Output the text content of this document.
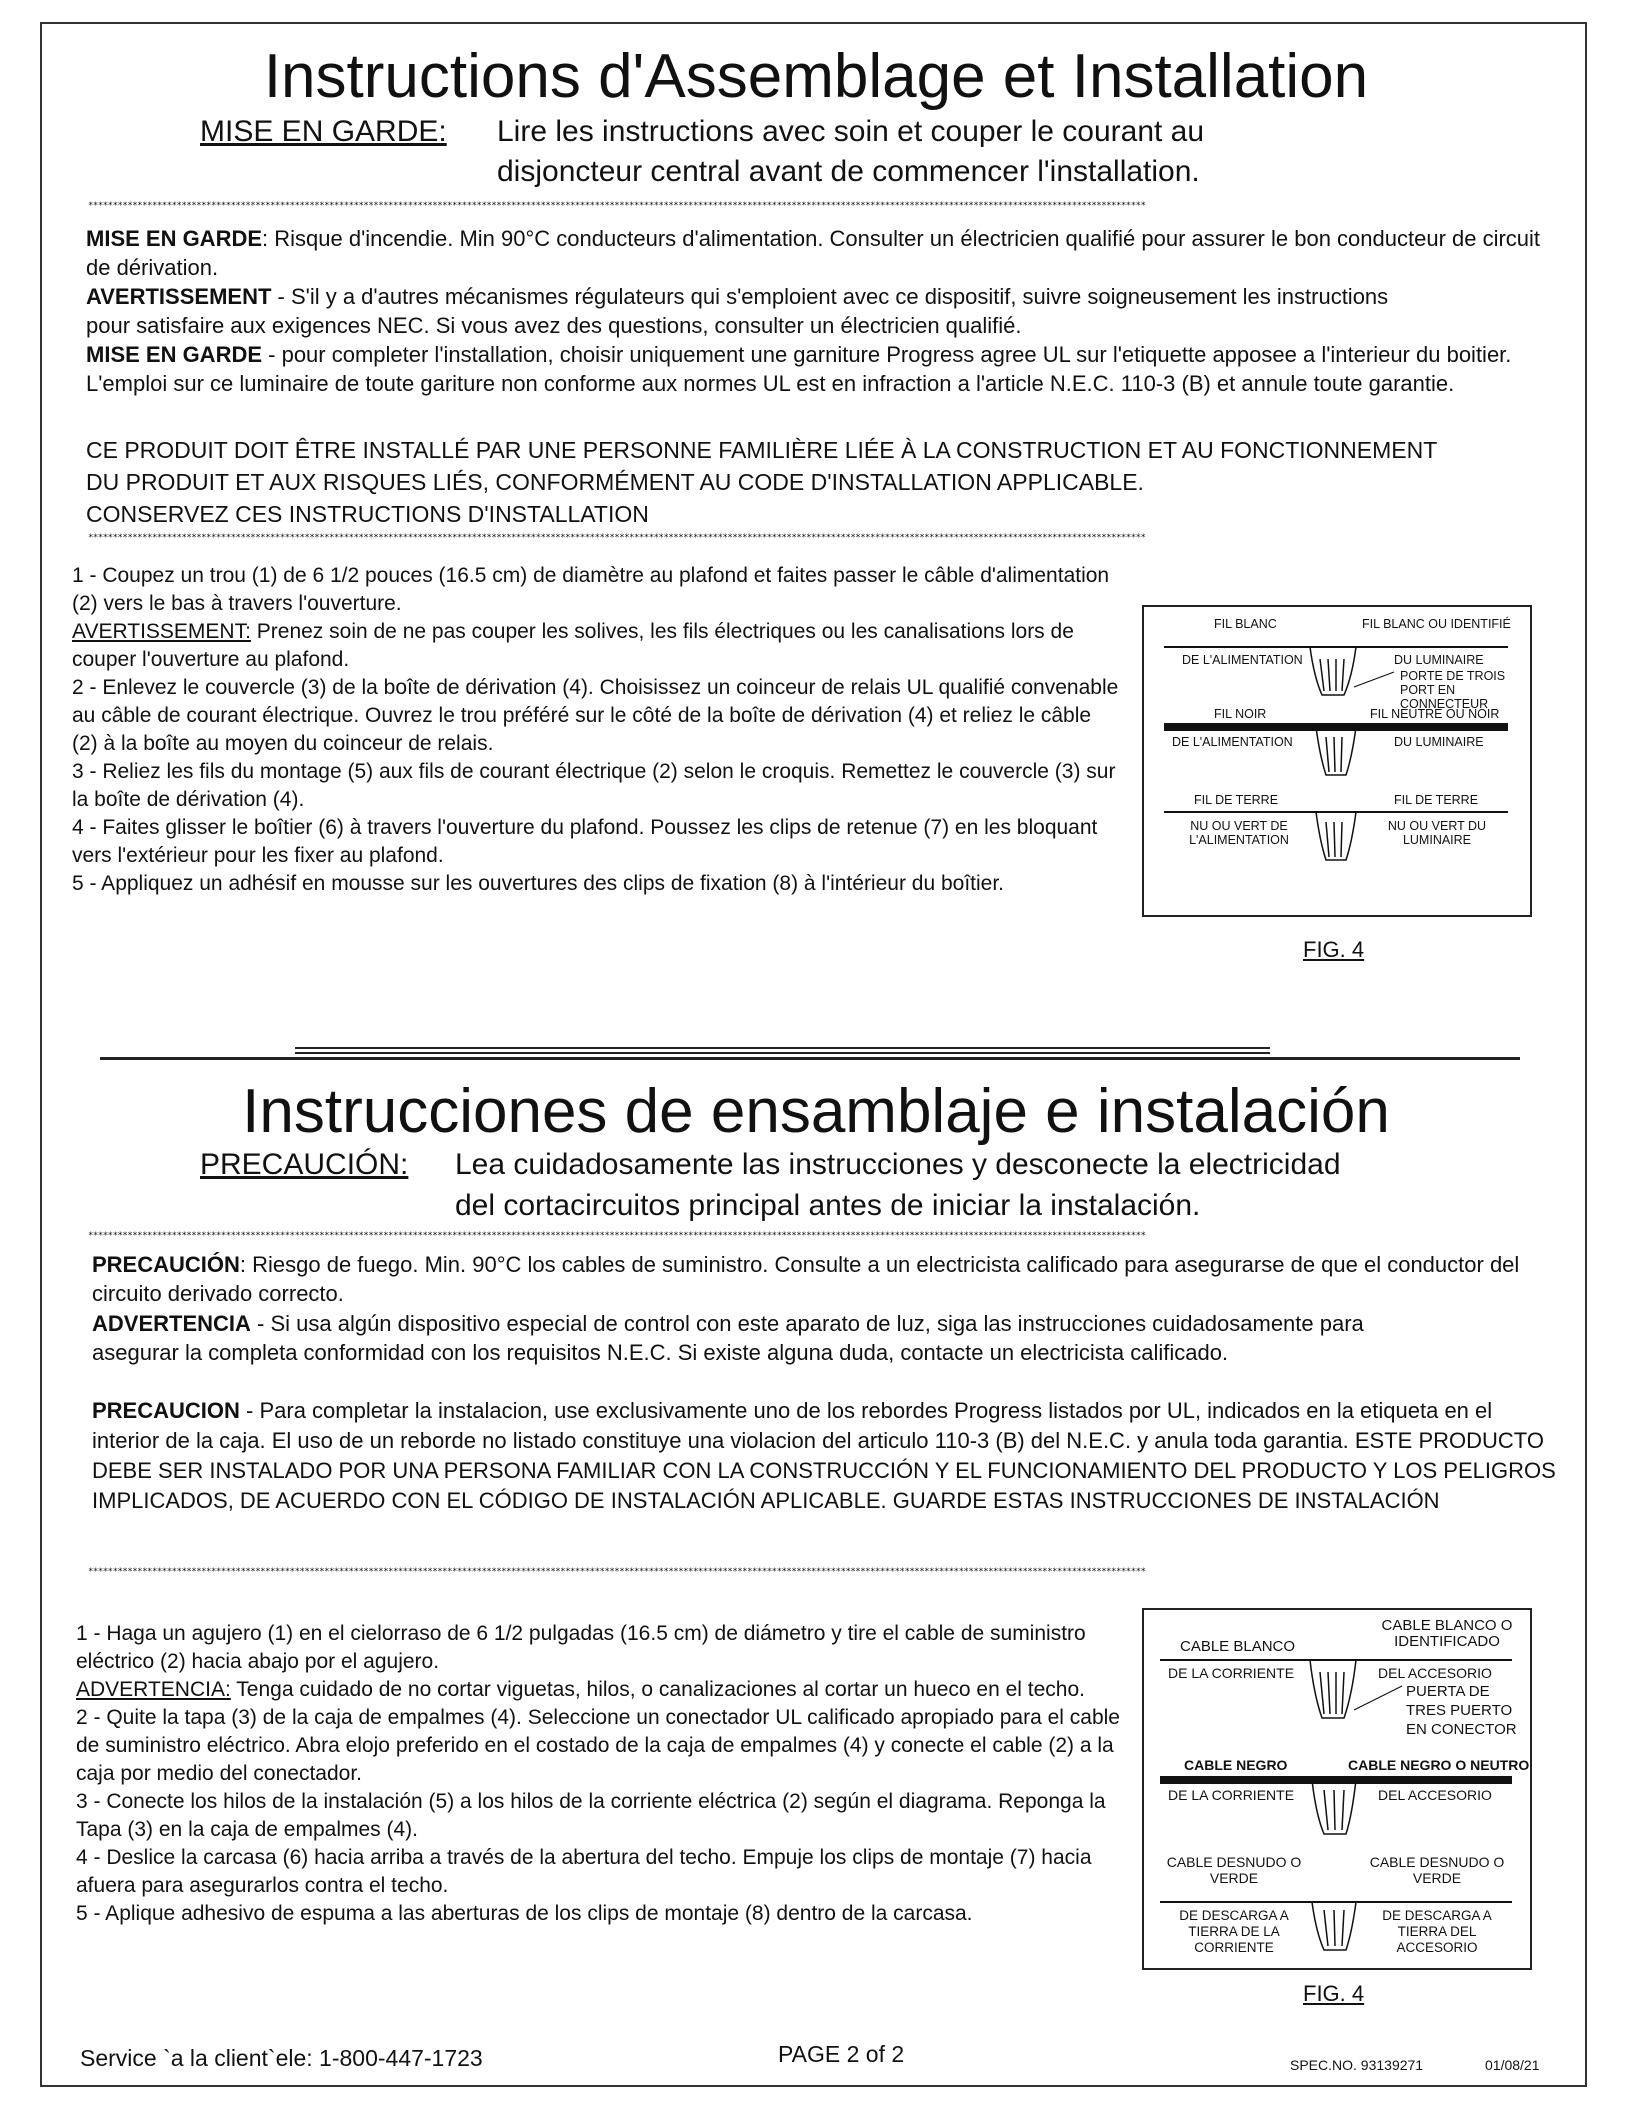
Instructions d'Assemblage et Installation
MISE EN GARDE: Lire les instructions avec soin et couper le courant au
disjoncteur central avant de commencer l'installation.
***********************************************************************************************************************************************************************************************************************
MISE EN GARDE: Risque d'incendie. Min 90°C conducteurs d'alimentation. Consulter un électricien qualifié pour assurer le bon conducteur de circuit de dérivation.
AVERTISSEMENT - S'il y a d'autres mécanismes régulateurs qui s'emploient avec ce dispositif, suivre soigneusement les instructions pour satisfaire aux exigences NEC. Si vous avez des questions, consulter un électricien qualifié.
MISE EN GARDE - pour completer l'installation, choisir uniquement une garniture Progress agree UL sur l'etiquette apposee a l'interieur du boitier. L'emploi sur ce luminaire de toute gariture non conforme aux normes UL est en infraction a l'article N.E.C. 110-3 (B) et annule toute garantie.
CE PRODUIT DOIT ÊTRE INSTALLÉ PAR UNE PERSONNE FAMILIÈRE LIÉE À LA CONSTRUCTION ET AU FONCTIONNEMENT
DU PRODUIT ET AUX RISQUES LIÉS, CONFORMÉMENT AU CODE D'INSTALLATION APPLICABLE.
CONSERVEZ CES INSTRUCTIONS D'INSTALLATION
***********************************************************************************************************************************************************************************************************************
1 - Coupez un trou (1) de 6 1/2 pouces (16.5 cm) de diamètre au plafond et faites passer le câble d'alimentation (2) vers le bas à travers l'ouverture.
AVERTISSEMENT: Prenez soin de ne pas couper les solives, les fils électriques ou les canalisations lors de couper l'ouverture au plafond.
2 - Enlevez le couvercle (3) de la boîte de dérivation (4). Choisissez un coinceur de relais UL qualifié convenable au câble de courant électrique. Ouvrez le trou préféré sur le côté de la boîte de dérivation (4) et reliez le câble (2) à la boîte au moyen du coinceur de relais.
3 - Reliez les fils du montage (5) aux fils de courant électrique (2) selon le croquis. Remettez le couvercle (3) sur la boîte de dérivation (4).
4 - Faites glisser le boîtier (6) à travers l'ouverture du plafond. Poussez les clips de retenue (7) en les bloquant vers l'extérieur pour les fixer au plafond.
5 - Appliquez un adhésif en mousse sur les ouvertures des clips de fixation (8) à l'intérieur du boîtier.
FIL BLANC	FIL BLANC OU IDENTIFIÉ
DE L'ALIMENTATION	DU LUMINAIRE
PORTE DE TROIS PORT EN CONNECTEUR
FIL NOIR	FIL NEUTRE OU NOIR
DE L'ALIMENTATION	DU LUMINAIRE
FIL DE TERRE	FIL DE TERRE
NU OU VERT DE L'ALIMENTATION
NU OU VERT DU LUMINAIRE
FIG. 4
Instrucciones de ensamblaje e instalación
PRECAUCIÓN: Lea cuidadosamente las instrucciones y desconecte la electricidad
del cortacircuitos principal antes de iniciar la instalación.
***********************************************************************************************************************************************************************************************************************
PRECAUCIÓN: Riesgo de fuego. Min. 90°C los cables de suministro. Consulte a un electricista calificado para asegurarse de que el conductor del circuito derivado correcto.
ADVERTENCIA - Si usa algún dispositivo especial de control con este aparato de luz, siga las instrucciones cuidadosamente para asegurar la completa conformidad con los requisitos N.E.C. Si existe alguna duda, contacte un electricista calificado.
PRECAUCION - Para completar la instalacion, use exclusivamente uno de los rebordes Progress listados por UL, indicados en la etiqueta en el interior de la caja. El uso de un reborde no listado constituye una violacion del articulo 110-3 (B) del N.E.C. y anula toda garantia. ESTE PRODUCTO DEBE SER INSTALADO POR UNA PERSONA FAMILIAR CON LA CONSTRUCCIÓN Y EL FUNCIONAMIENTO DEL PRODUCTO Y LOS PELIGROS IMPLICADOS, DE ACUERDO CON EL CÓDIGO DE INSTALACIÓN APLICABLE. GUARDE ESTAS INSTRUCCIONES DE INSTALACIÓN
***********************************************************************************************************************************************************************************************************************
1 - Haga un agujero (1) en el cielorraso de 6 1/2 pulgadas (16.5 cm) de diámetro y tire el cable de suministro eléctrico (2) hacia abajo por el agujero.
ADVERTENCIA: Tenga cuidado de no cortar viguetas, hilos, o canalizaciones al cortar un hueco en el techo.
2 - Quite la tapa (3) de la caja de empalmes (4). Seleccione un conectador UL calificado apropiado para el cable de suministro eléctrico. Abra elojo preferido en el costado de la caja de empalmes (4) y conecte el cable (2) a la caja por medio del conectador.
3 - Conecte los hilos de la instalación (5) a los hilos de la corriente eléctrica (2) según el diagrama. Reponga la Tapa (3) en la caja de empalmes (4).
4 - Deslice la carcasa (6) hacia arriba a través de la abertura del techo. Empuje los clips de montaje (7) hacia afuera para asegurarlos contra el techo.
5 - Aplique adhesivo de espuma a las aberturas de los clips de montaje (8) dentro de la carcasa.
CABLE BLANCO
CABLE BLANCO O IDENTIFICADO
DE LA CORRIENTE	DEL ACCESORIO
PUERTA DE TRES PUERTO EN CONECTOR
CABLE NEGRO	CABLE NEGRO O NEUTRO
DE LA CORRIENTE	DEL ACCESORIO
CABLE DESNUDO O VERDE
CABLE DESNUDO O VERDE
DE DESCARGA A TIERRA DE LA CORRIENTE
DE DESCARGA A TIERRA DEL ACCESORIO
FIG. 4
Service `a la client`ele: 1-800-447-1723	PAGE 2 of 2	SPEC.NO. 93139271	01/08/21
